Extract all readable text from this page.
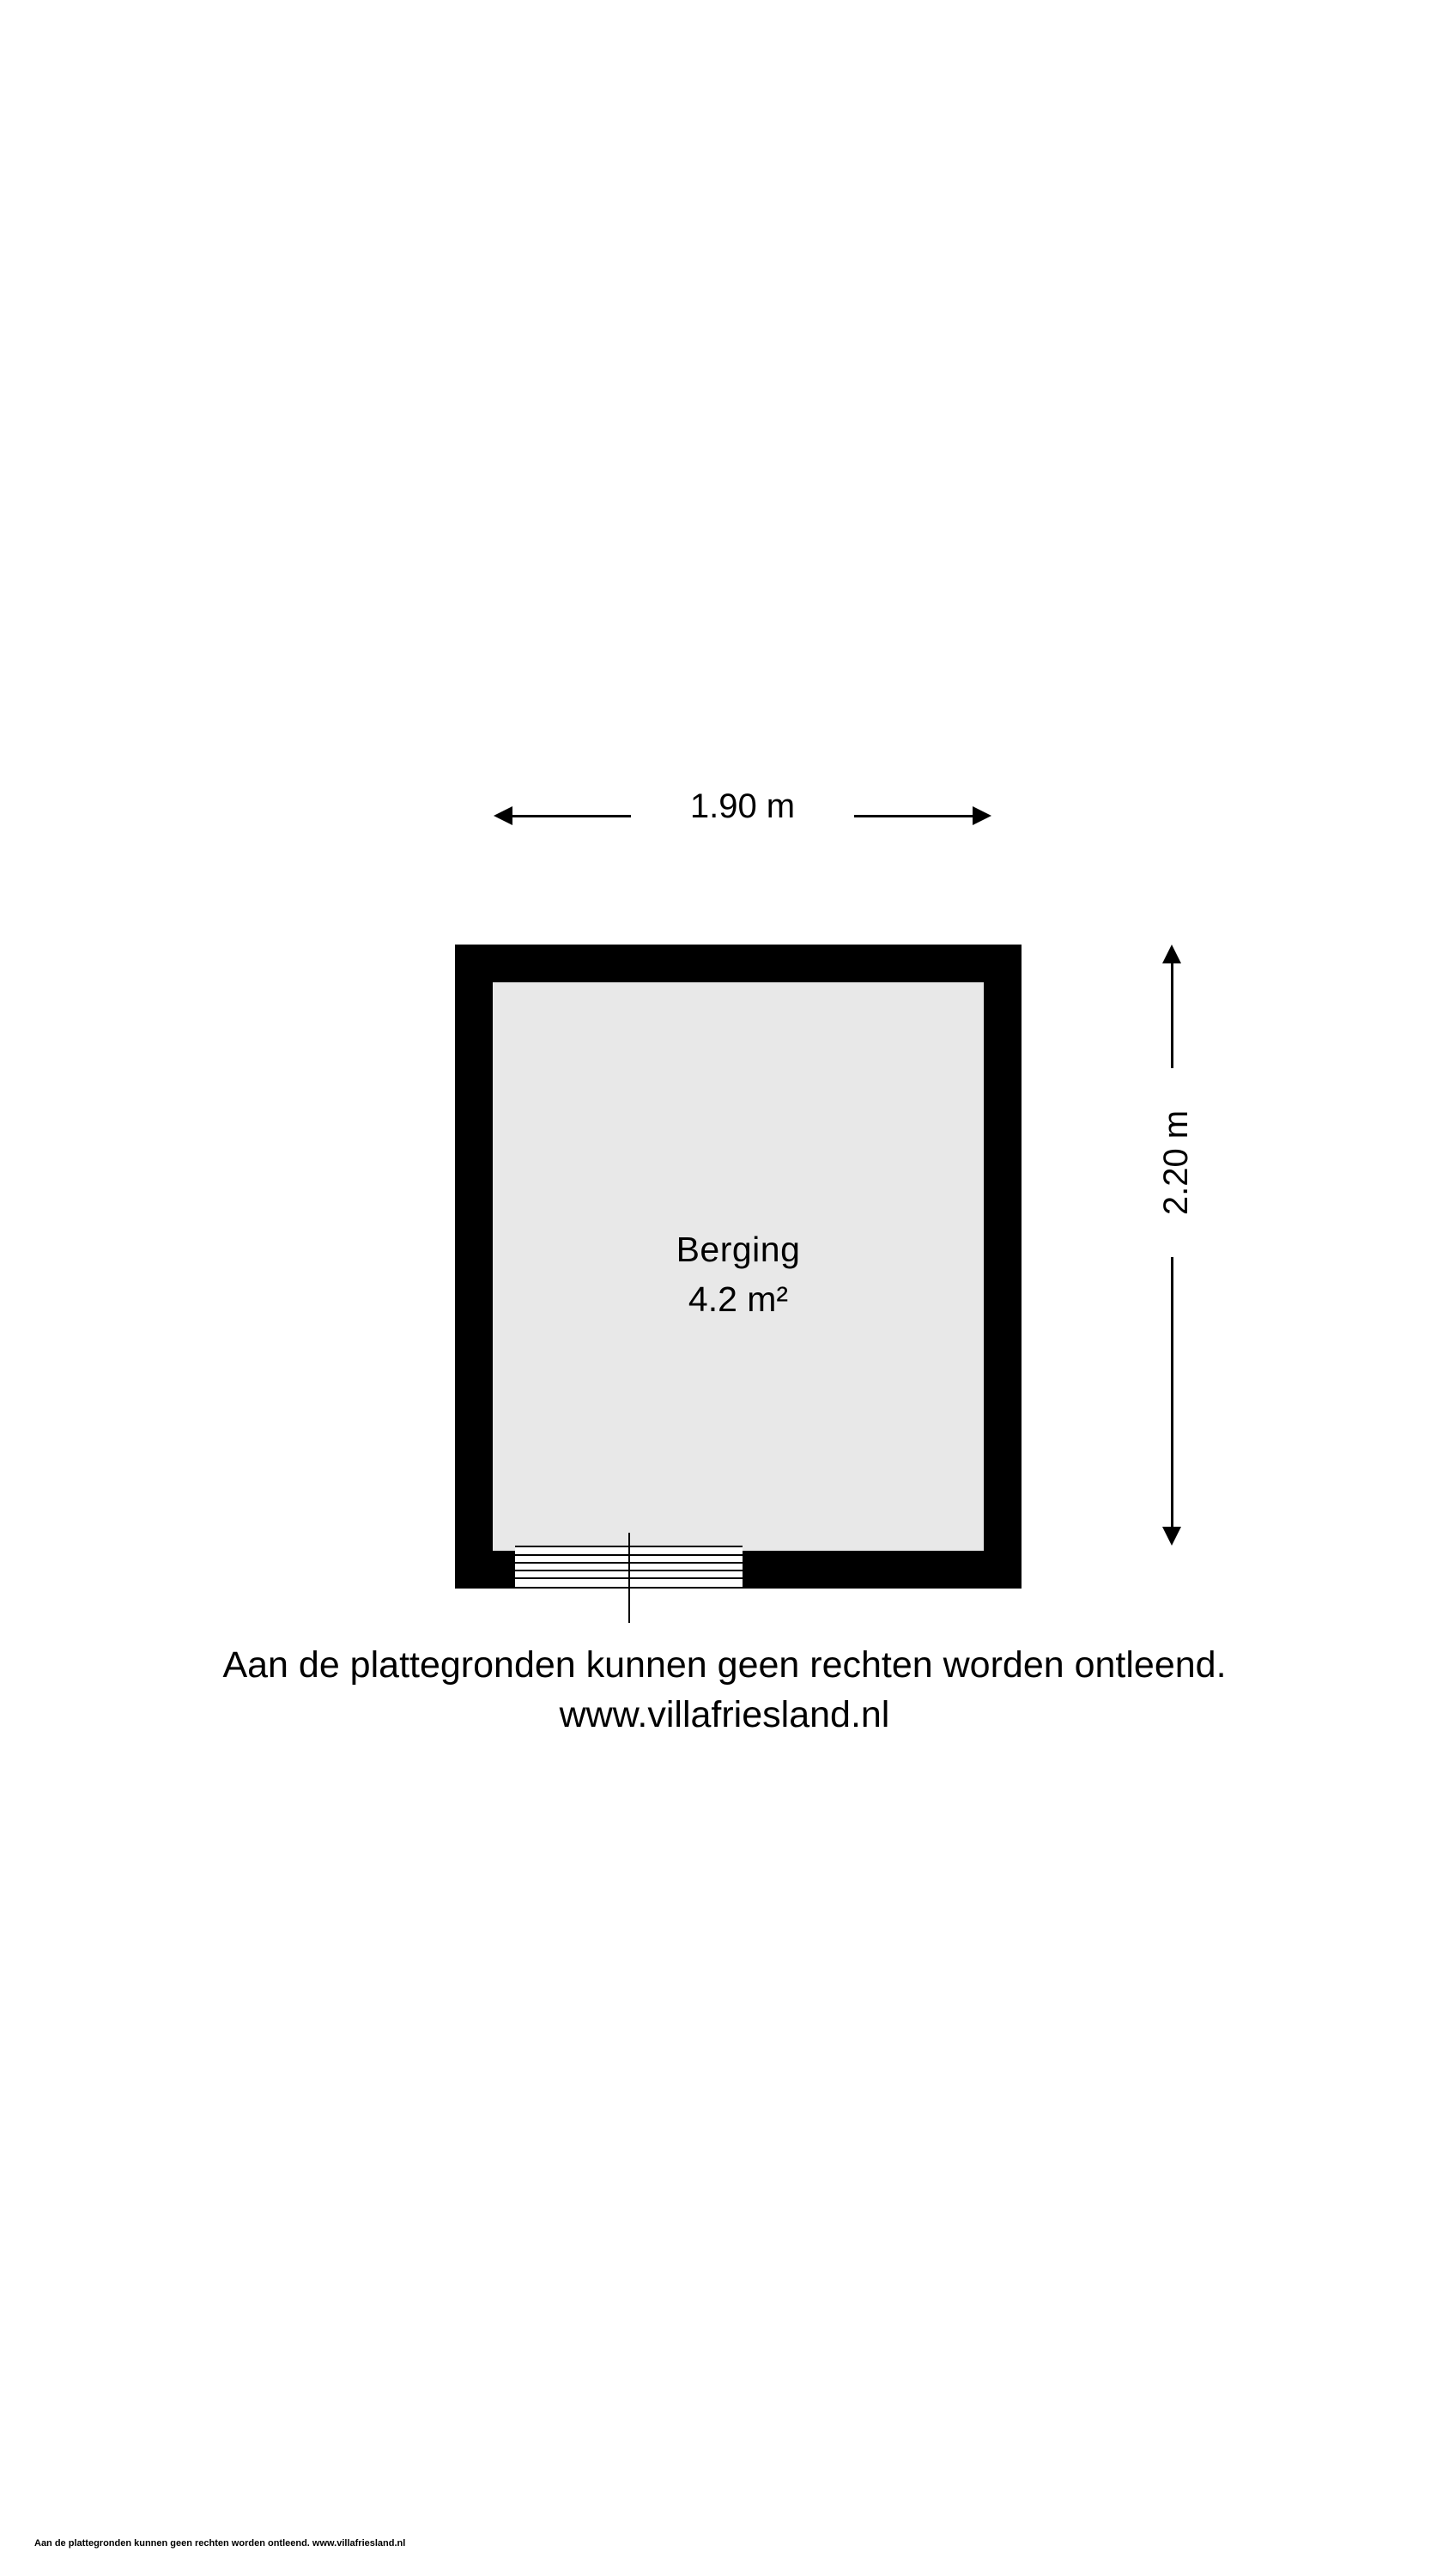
1.90 m
2.20 m
Berging
4.2 m²
Aan de plattegronden kunnen geen rechten worden ontleend.
www.villafriesland.nl
Aan de plattegronden kunnen geen rechten worden ontleend. www.villafriesland.nl
